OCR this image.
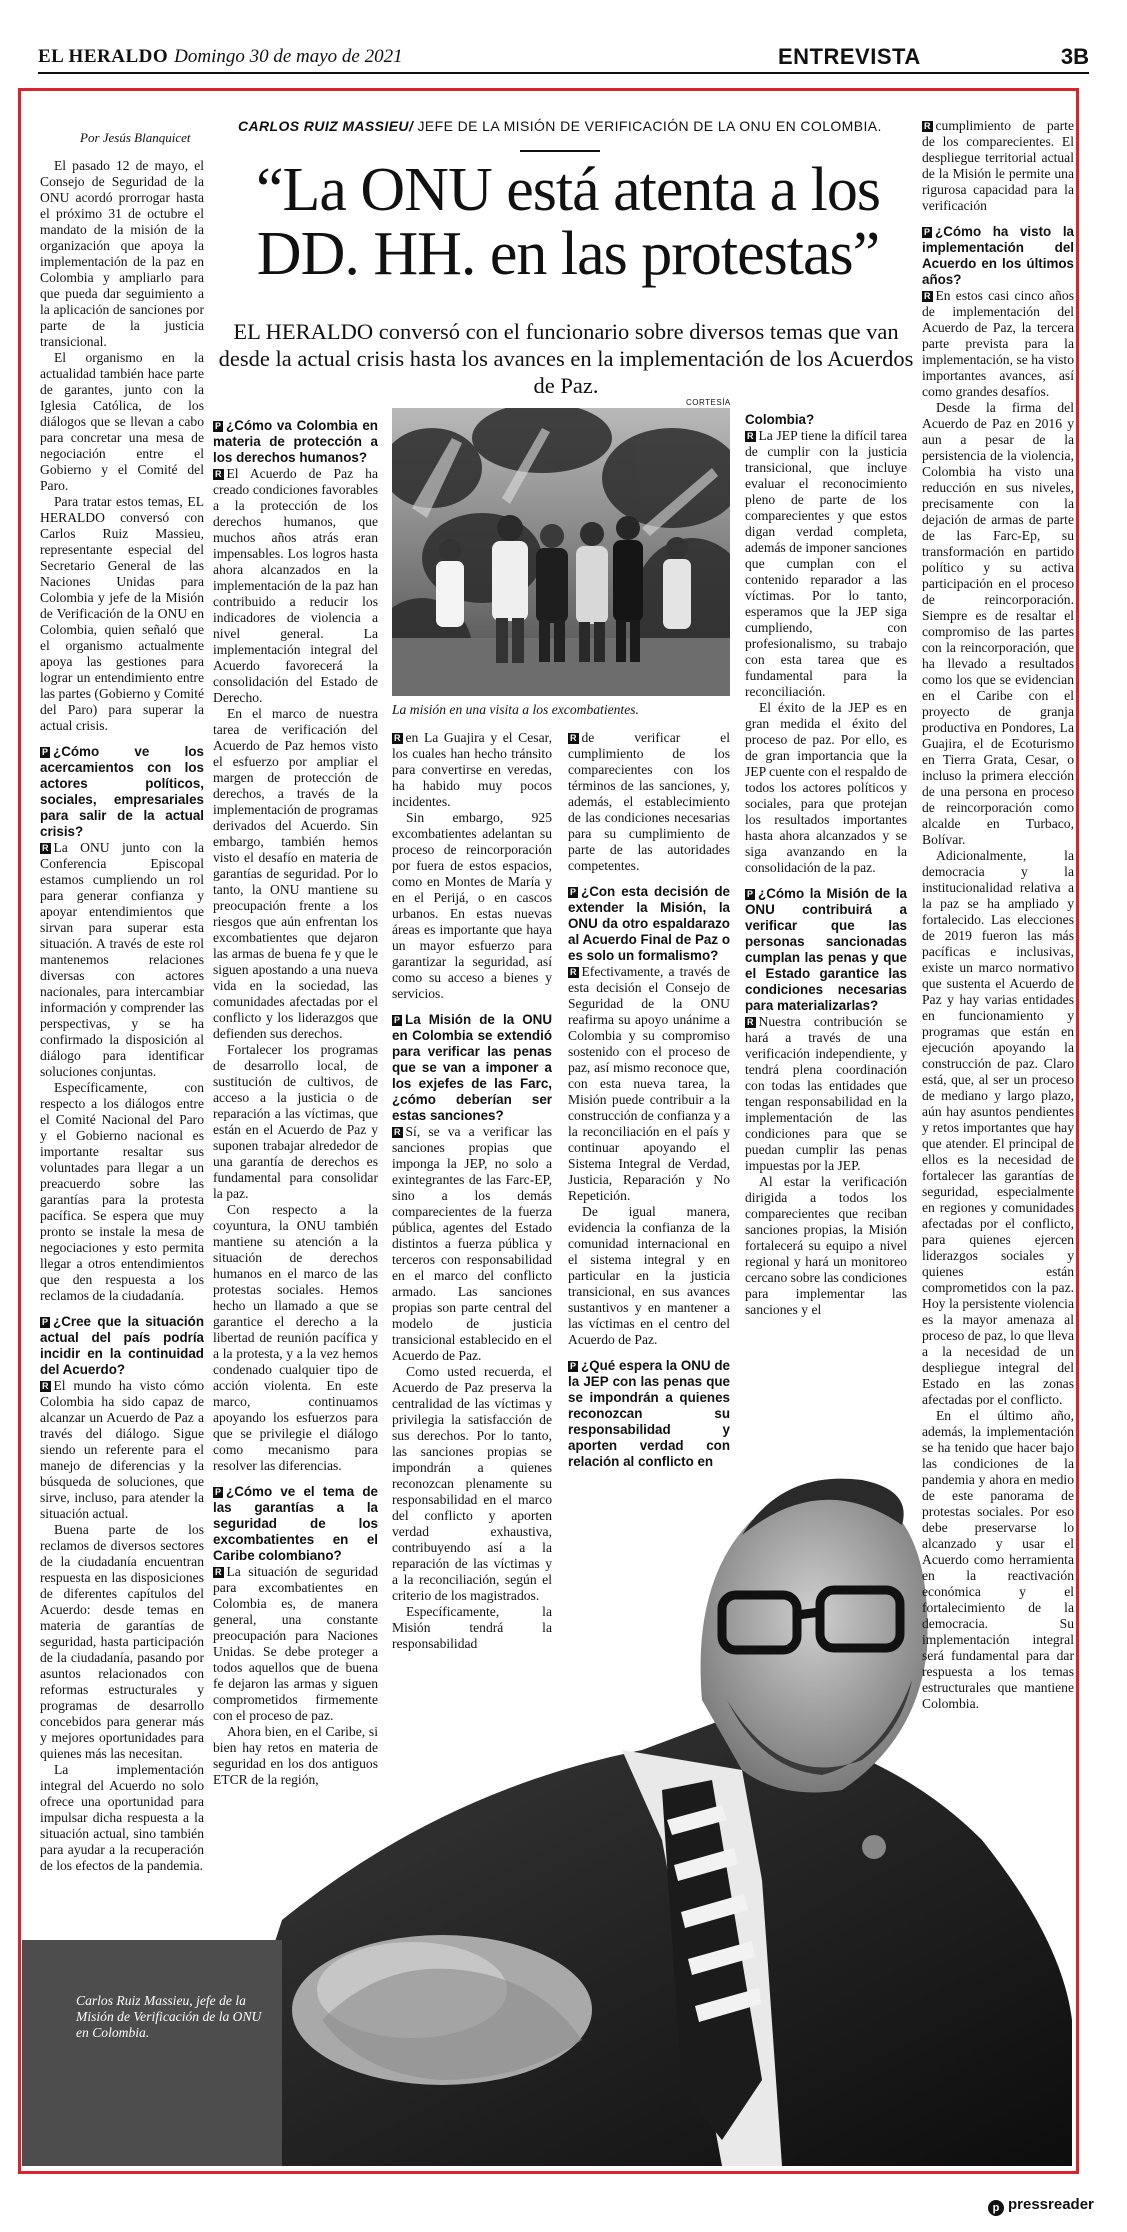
EL HERALDO Domingo 30 de mayo de 2021	ENTREVISTA	3B
CARLOS RUIZ MASSIEU/ JEFE DE LA MISIÓN DE VERIFICACIÓN DE LA ONU EN COLOMBIA.
“La ONU está atenta a los DD. HH. en las protestas”
EL HERALDO conversó con el funcionario sobre diversos temas que van desde la actual crisis hasta los avances en la implementación de los Acuerdos de Paz.
CORTESÍA
La misión en una visita a los excombatientes.
Carlos Ruiz Massieu, jefe de la Misión de Verificación de la ONU en Colombia.
Por Jesús Blanquicet

El pasado 12 de mayo, el Consejo de Seguridad de la ONU acordó prorrogar hasta el próximo 31 de octubre el mandato de la misión de la organización que apoya la implementación de la paz en Colombia y ampliarlo para que pueda dar seguimiento a la aplicación de sanciones por parte de la justicia transicional.

El organismo en la actualidad también hace parte de garantes, junto con la Iglesia Católica, de los diálogos que se llevan a cabo para concretar una mesa de negociación entre el Gobierno y el Comité del Paro.

Para tratar estos temas, EL HERALDO conversó con Carlos Ruiz Massieu, representante especial del Secretario General de las Naciones Unidas para Colombia y jefe de la Misión de Verificación de la ONU en Colombia, quien señaló que el organismo actualmente apoya las gestiones para lograr un entendimiento entre las partes (Gobierno y Comité del Paro) para superar la actual crisis.

P ¿Cómo ve los acercamientos con los actores políticos, sociales, empresariales para salir de la actual crisis?

R La ONU junto con la Conferencia Episcopal estamos cumpliendo un rol para generar confianza y apoyar entendimientos que sirvan para superar esta situación. A través de este rol mantenemos relaciones diversas con actores nacionales, para intercambiar información y comprender las perspectivas, y se ha confirmado la disposición al diálogo para identificar soluciones conjuntas.

Específicamente, con respecto a los diálogos entre el Comité Nacional del Paro y el Gobierno nacional es importante resaltar sus voluntades para llegar a un preacuerdo sobre las garantías para la protesta pacífica. Se espera que muy pronto se instale la mesa de negociaciones y esto permita llegar a otros entendimientos que den respuesta a los reclamos de la ciudadanía.

P ¿Cree que la situación actual del país podría incidir en la continuidad del Acuerdo?

R El mundo ha visto cómo Colombia ha sido capaz de alcanzar un Acuerdo de Paz a través del diálogo. Sigue siendo un referente para el manejo de diferencias y la búsqueda de soluciones, que sirve, incluso, para atender la situación actual.

Buena parte de los reclamos de diversos sectores de la ciudadanía encuentran respuesta en las disposiciones de diferentes capítulos del Acuerdo: desde temas en materia de garantías de seguridad, hasta participación de la ciudadanía, pasando por asuntos relacionados con reformas estructurales y programas de desarrollo concebidos para generar más y mejores oportunidades para quienes más las necesitan.

La implementación integral del Acuerdo no solo ofrece una oportunidad para impulsar dicha respuesta a la situación actual, sino también para ayudar a la recuperación de los efectos de la pandemia.

P ¿Cómo va Colombia en materia de protección a los derechos humanos?

R El Acuerdo de Paz ha creado condiciones favorables a la protección de los derechos humanos, que muchos años atrás eran impensables. Los logros hasta ahora alcanzados en la implementación de la paz han contribuido a reducir los indicadores de violencia a nivel general. La implementación integral del Acuerdo favorecerá la consolidación del Estado de Derecho.

En el marco de nuestra tarea de verificación del Acuerdo de Paz hemos visto el esfuerzo por ampliar el margen de protección de derechos, a través de la implementación de programas derivados del Acuerdo. Sin embargo, también hemos visto el desafío en materia de garantías de seguridad. Por lo tanto, la ONU mantiene su preocupación frente a los riesgos que aún enfrentan los excombatientes que dejaron las armas de buena fe y que le siguen apostando a una nueva vida en la sociedad, las comunidades afectadas por el conflicto y los liderazgos que defienden sus derechos.

Fortalecer los programas de desarrollo local, de sustitución de cultivos, de acceso a la justicia o de reparación a las víctimas, que están en el Acuerdo de Paz y suponen trabajar alrededor de una garantía de derechos es fundamental para consolidar la paz.

Con respecto a la coyuntura, la ONU también mantiene su atención a la situación de derechos humanos en el marco de las protestas sociales. Hemos hecho un llamado a que se garantice el derecho a la libertad de reunión pacífica y a la protesta, y a la vez hemos condenado cualquier tipo de acción violenta. En este marco, continuamos apoyando los esfuerzos para que se privilegie el diálogo como mecanismo para resolver las diferencias.

P ¿Cómo ve el tema de las garantías a la seguridad de los excombatientes en el Caribe colombiano?

R La situación de seguridad para excombatientes en Colombia es, de manera general, una constante preocupación para Naciones Unidas. Se debe proteger a todos aquellos que de buena fe dejaron las armas y siguen comprometidos firmemente con el proceso de paz.

Ahora bien, en el Caribe, si bien hay retos en materia de seguridad en los dos antiguos ETCR de la región,

R en La Guajira y el Cesar, los cuales han hecho tránsito para convertirse en veredas, ha habido muy pocos incidentes.

Sin embargo, 925 excombatientes adelantan su proceso de reincorporación por fuera de estos espacios, como en Montes de María y en el Perijá, o en cascos urbanos. En estas nuevas áreas es importante que haya un mayor esfuerzo para garantizar la seguridad, así como su acceso a bienes y servicios.

P La Misión de la ONU en Colombia se extendió para verificar las penas que se van a imponer a los exjefes de las Farc, ¿cómo deberían ser estas sanciones?

R Sí, se va a verificar las sanciones propias que imponga la JEP, no solo a exintegrantes de las Farc-EP, sino a los demás comparecientes de la fuerza pública, agentes del Estado distintos a fuerza pública y terceros con responsabilidad en el marco del conflicto armado. Las sanciones propias son parte central del modelo de justicia transicional establecido en el Acuerdo de Paz.

Como usted recuerda, el Acuerdo de Paz preserva la centralidad de las víctimas y privilegia la satisfacción de sus derechos. Por lo tanto, las sanciones propias se impondrán a quienes reconozcan plenamente su responsabilidad en el marco del conflicto y aporten verdad exhaustiva, contribuyendo así a la reparación de las víctimas y a la reconciliación, según el criterio de los magistrados.

Específicamente, la Misión tendrá la responsabilidad

R de verificar el cumplimiento de los comparecientes con los términos de las sanciones, y, además, el establecimiento de las condiciones necesarias para su cumplimiento de parte de las autoridades competentes.

P ¿Con esta decisión de extender la Misión, la ONU da otro espaldarazo al Acuerdo Final de Paz o es solo un formalismo?

R Efectivamente, a través de esta decisión el Consejo de Seguridad de la ONU reafirma su apoyo unánime a Colombia y su compromiso sostenido con el proceso de paz, así mismo reconoce que, con esta nueva tarea, la Misión puede contribuir a la construcción de confianza y a la reconciliación en el país y continuar apoyando el Sistema Integral de Verdad, Justicia, Reparación y No Repetición.

De igual manera, evidencia la confianza de la comunidad internacional en el sistema integral y en particular en la justicia transicional, en sus avances sustantivos y en mantener a las víctimas en el centro del Acuerdo de Paz.

P ¿Qué espera la ONU de la JEP con las penas que se impondrán a quienes reconozcan su responsabilidad y aporten verdad con relación al conflicto en

Colombia?

R La JEP tiene la difícil tarea de cumplir con la justicia transicional, que incluye evaluar el reconocimiento pleno de parte de los comparecientes y que estos digan verdad completa, además de imponer sanciones que cumplan con el contenido reparador a las víctimas. Por lo tanto, esperamos que la JEP siga cumpliendo, con profesionalismo, su trabajo con esta tarea que es fundamental para la reconciliación.

El éxito de la JEP es en gran medida el éxito del proceso de paz. Por ello, es de gran importancia que la JEP cuente con el respaldo de todos los actores políticos y sociales, para que protejan los resultados importantes hasta ahora alcanzados y se siga avanzando en la consolidación de la paz.

P ¿Cómo la Misión de la ONU contribuirá a verificar que las personas sancionadas cumplan las penas y que el Estado garantice las condiciones necesarias para materializarlas?

R Nuestra contribución se hará a través de una verificación independiente, y tendrá plena coordinación con todas las entidades que tengan responsabilidad en la implementación de las condiciones para que se puedan cumplir las penas impuestas por la JEP.

Al estar la verificación dirigida a todos los comparecientes que reciban sanciones propias, la Misión fortalecerá su equipo a nivel regional y hará un monitoreo cercano sobre las condiciones para implementar las sanciones y el

R cumplimiento de parte de los comparecientes. El despliegue territorial actual de la Misión le permite una rigurosa capacidad para la verificación

P ¿Cómo ha visto la implementación del Acuerdo en los últimos años?

R En estos casi cinco años de implementación del Acuerdo de Paz, la tercera parte prevista para la implementación, se ha visto importantes avances, así como grandes desafíos.

Desde la firma del Acuerdo de Paz en 2016 y aun a pesar de la persistencia de la violencia, Colombia ha visto una reducción en sus niveles, precisamente con la dejación de armas de parte de las Farc-Ep, su transformación en partido político y su activa participación en el proceso de reincorporación. Siempre es de resaltar el compromiso de las partes con la reincorporación, que ha llevado a resultados como los que se evidencian en el Caribe con el proyecto de granja productiva en Pondores, La Guajira, el de Ecoturismo en Tierra Grata, Cesar, o incluso la primera elección de una persona en proceso de reincorporación como alcalde en Turbaco, Bolívar.

Adicionalmente, la democracia y la institucionalidad relativa a la paz se ha ampliado y fortalecido. Las elecciones de 2019 fueron las más pacíficas e inclusivas, existe un marco normativo que sustenta el Acuerdo de Paz y hay varias entidades en funcionamiento y programas que están en ejecución apoyando la construcción de paz. Claro está, que, al ser un proceso de mediano y largo plazo, aún hay asuntos pendientes y retos importantes que hay que atender. El principal de ellos es la necesidad de fortalecer las garantías de seguridad, especialmente en regiones y comunidades afectadas por el conflicto, para quienes ejercen liderazgos sociales y quienes están comprometidos con la paz. Hoy la persistente violencia es la mayor amenaza al proceso de paz, lo que lleva a la necesidad de un despliegue integral del Estado en las zonas afectadas por el conflicto.

En el último año, además, la implementación se ha tenido que hacer bajo las condiciones de la pandemia y ahora en medio de este panorama de protestas sociales. Por eso debe preservarse lo alcanzado y usar el Acuerdo como herramienta en la reactivación económica y el fortalecimiento de la democracia. Su implementación integral será fundamental para dar respuesta a los temas estructurales que mantiene Colombia.

p pressreader
